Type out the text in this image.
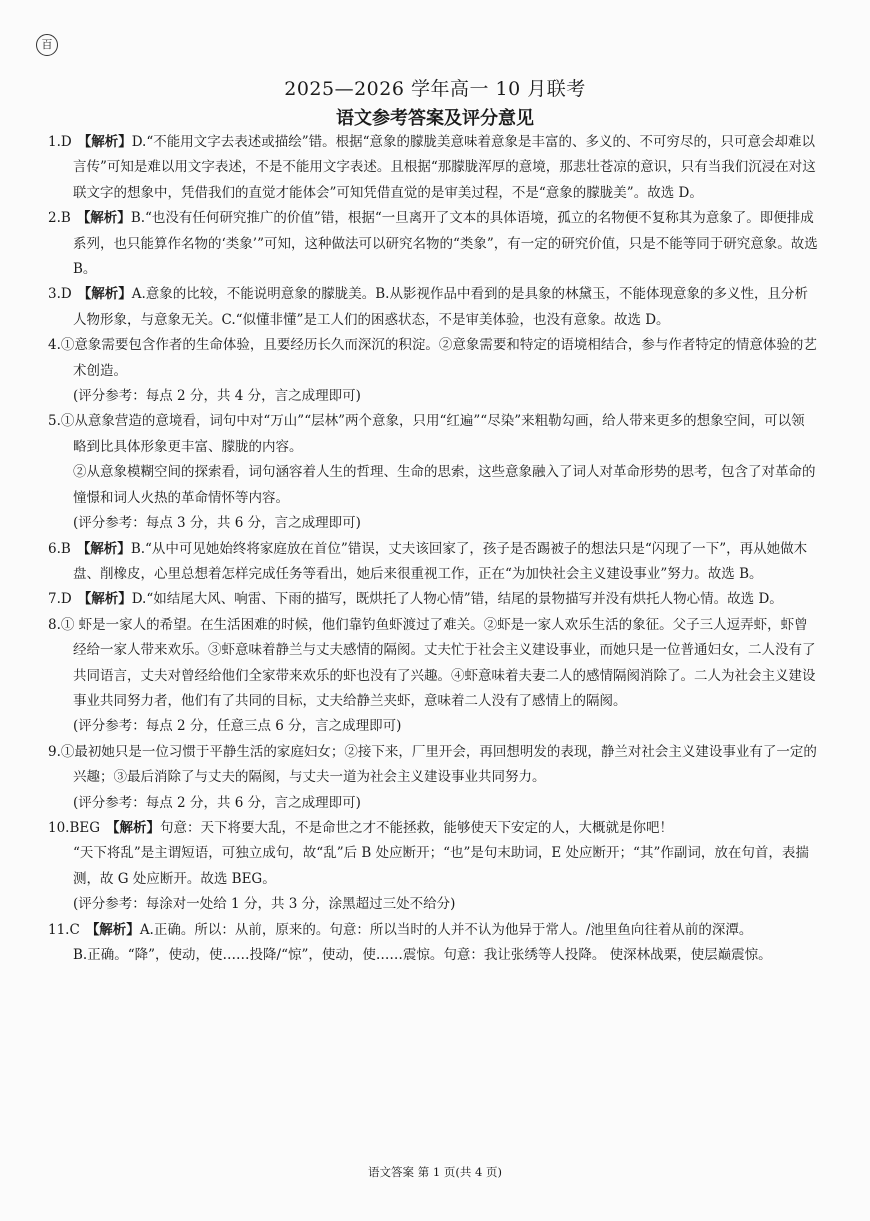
百
2025—2026 学年高一 10 月联考
语文参考答案及评分意见
1.D 【解析】D.“不能用文字去表述或描绘”错。根据“意象的朦胧美意味着意象是丰富的、多义的、不可穷尽的，只可意会却难以言传”可知是难以用文字表述，不是不能用文字表述。且根据“那朦胧浑厚的意境，那悲壮苍凉的意识，只有当我们沉浸在对这联文字的想象中，凭借我们的直觉才能体会”可知凭借直觉的是审美过程，不是“意象的朦胧美”。故选 D。
2.B 【解析】B.“也没有任何研究推广的价值”错，根据“一旦离开了文本的具体语境，孤立的名物便不复称其为意象了。即便排成系列，也只能算作名物的‘类象’”可知，这种做法可以研究名物的“类象”，有一定的研究价值，只是不能等同于研究意象。故选 B。
3.D 【解析】A.意象的比较，不能说明意象的朦胧美。B.从影视作品中看到的是具象的林黛玉，不能体现意象的多义性，且分析人物形象，与意象无关。C.“似懂非懂”是工人们的困惑状态，不是审美体验，也没有意象。故选 D。
4.①意象需要包含作者的生命体验，且要经历长久而深沉的积淀。②意象需要和特定的语境相结合，参与作者特定的情意体验的艺术创造。
(评分参考：每点 2 分，共 4 分，言之成理即可)
5.①从意象营造的意境看，词句中对“万山”“层林”两个意象，只用“红遍”“尽染”来粗勒勾画，给人带来更多的想象空间，可以领略到比具体形象更丰富、朦胧的内容。
②从意象模糊空间的探索看，词句涵容着人生的哲理、生命的思索，这些意象融入了词人对革命形势的思考，包含了对革命的憧憬和词人火热的革命情怀等内容。
(评分参考：每点 3 分，共 6 分，言之成理即可)
6.B 【解析】B.“从中可见她始终将家庭放在首位”错误，丈夫该回家了，孩子是否踢被子的想法只是“闪现了一下”，再从她做木盘、削橡皮，心里总想着怎样完成任务等看出，她后来很重视工作，正在“为加快社会主义建设事业”努力。故选 B。
7.D 【解析】D.“如结尾大风、响雷、下雨的描写，既烘托了人物心情”错，结尾的景物描写并没有烘托人物心情。故选 D。
8.① 虾是一家人的希望。在生活困难的时候，他们靠钓鱼虾渡过了难关。②虾是一家人欢乐生活的象征。父子三人逗弄虾，虾曾经给一家人带来欢乐。③虾意味着静兰与丈夫感情的隔阂。丈夫忙于社会主义建设事业，而她只是一位普通妇女，二人没有了共同语言，丈夫对曾经给他们全家带来欢乐的虾也没有了兴趣。④虾意味着夫妻二人的感情隔阂消除了。二人为社会主义建设事业共同努力者，他们有了共同的目标，丈夫给静兰夹虾，意味着二人没有了感情上的隔阂。
(评分参考：每点 2 分，任意三点 6 分，言之成理即可)
9.①最初她只是一位习惯于平静生活的家庭妇女；②接下来，厂里开会，再回想明发的表现，静兰对社会主义建设事业有了一定的兴趣；③最后消除了与丈夫的隔阂，与丈夫一道为社会主义建设事业共同努力。
(评分参考：每点 2 分，共 6 分，言之成理即可)
10.BEG 【解析】句意：天下将要大乱，不是命世之才不能拯救，能够使天下安定的人，大概就是你吧！
“天下将乱”是主谓短语，可独立成句，故“乱”后 B 处应断开；“也”是句末助词，E 处应断开；“其”作副词，放在句首，表揣测，故 G 处应断开。故选 BEG。
(评分参考：每涂对一处给 1 分，共 3 分，涂黑超过三处不给分)
11.C 【解析】A.正确。所以：从前，原来的。句意：所以当时的人并不认为他异于常人。/池里鱼向往着从前的深潭。
B.正确。“降”，使动，使……投降/“惊”，使动，使……震惊。句意：我让张绣等人投降。 使深林战栗，使层巅震惊。
语文答案 第 1 页(共 4 页)
